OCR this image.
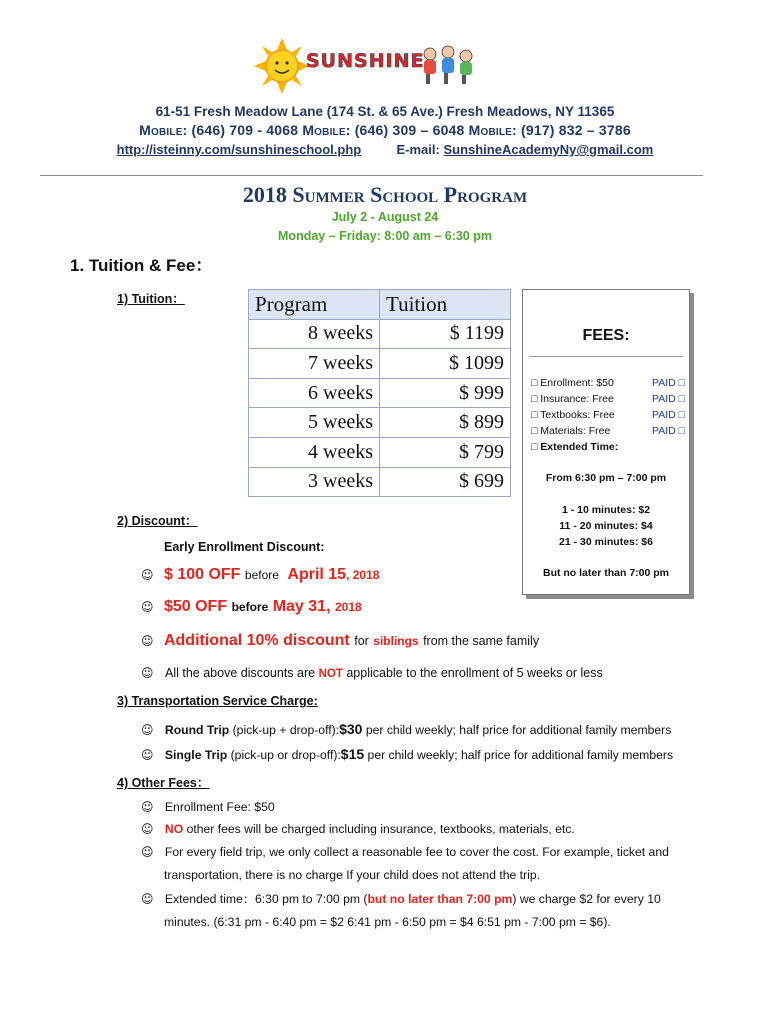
SUNSHINE
61-51 Fresh Meadow Lane (174 St. & 65 Ave.) Fresh Meadows, NY 11365
Mobile: (646) 709 - 4068 Mobile: (646) 309 – 6048 Mobile: (917) 832 – 3786
http://isteinny.com/sunshineschool.php	E-mail: SunshineAcademyNy@gmail.com
2018 Summer School Program
July 2 - August 24
Monday – Friday: 8:00 am – 6:30 pm
1. Tuition & Fee：
1) Tuition：	Program	Tuition
8 weeks	$ 1199
7 weeks	$ 1099
6 weeks	$ 999
5 weeks	$ 899
4 weeks	$ 799
3 weeks	$ 699
FEES:
□ Enrollment: $50	PAID □
□ Insurance: Free	PAID □
□ Textbooks: Free	PAID □
□ Materials: Free	PAID □
□ Extended Time:
From 6:30 pm – 7:00 pm
1 - 10 minutes: $2
11 - 20 minutes: $4
21 - 30 minutes: $6
But no later than 7:00 pm
2) Discount：
Early Enrollment Discount:
☺ $ 100 OFF before April 15, 2018
☺ $50 OFF before May 31, 2018
☺ Additional 10% discount for siblings from the same family
☺ All the above discounts are NOT applicable to the enrollment of 5 weeks or less
3) Transportation Service Charge:
☺ Round Trip (pick-up + drop-off):$30 per child weekly; half price for additional family members
☺ Single Trip (pick-up or drop-off):$15 per child weekly; half price for additional family members
4) Other Fees：
☺ Enrollment Fee: $50
☺ NO other fees will be charged including insurance, textbooks, materials, etc.
☺ For every field trip, we only collect a reasonable fee to cover the cost. For example, ticket and
transportation, there is no charge If your child does not attend the trip.
☺ Extended time：6:30 pm to 7:00 pm (but no later than 7:00 pm) we charge $2 for every 10
minutes. (6:31 pm - 6:40 pm = $2 6:41 pm - 6:50 pm = $4 6:51 pm - 7:00 pm = $6).
